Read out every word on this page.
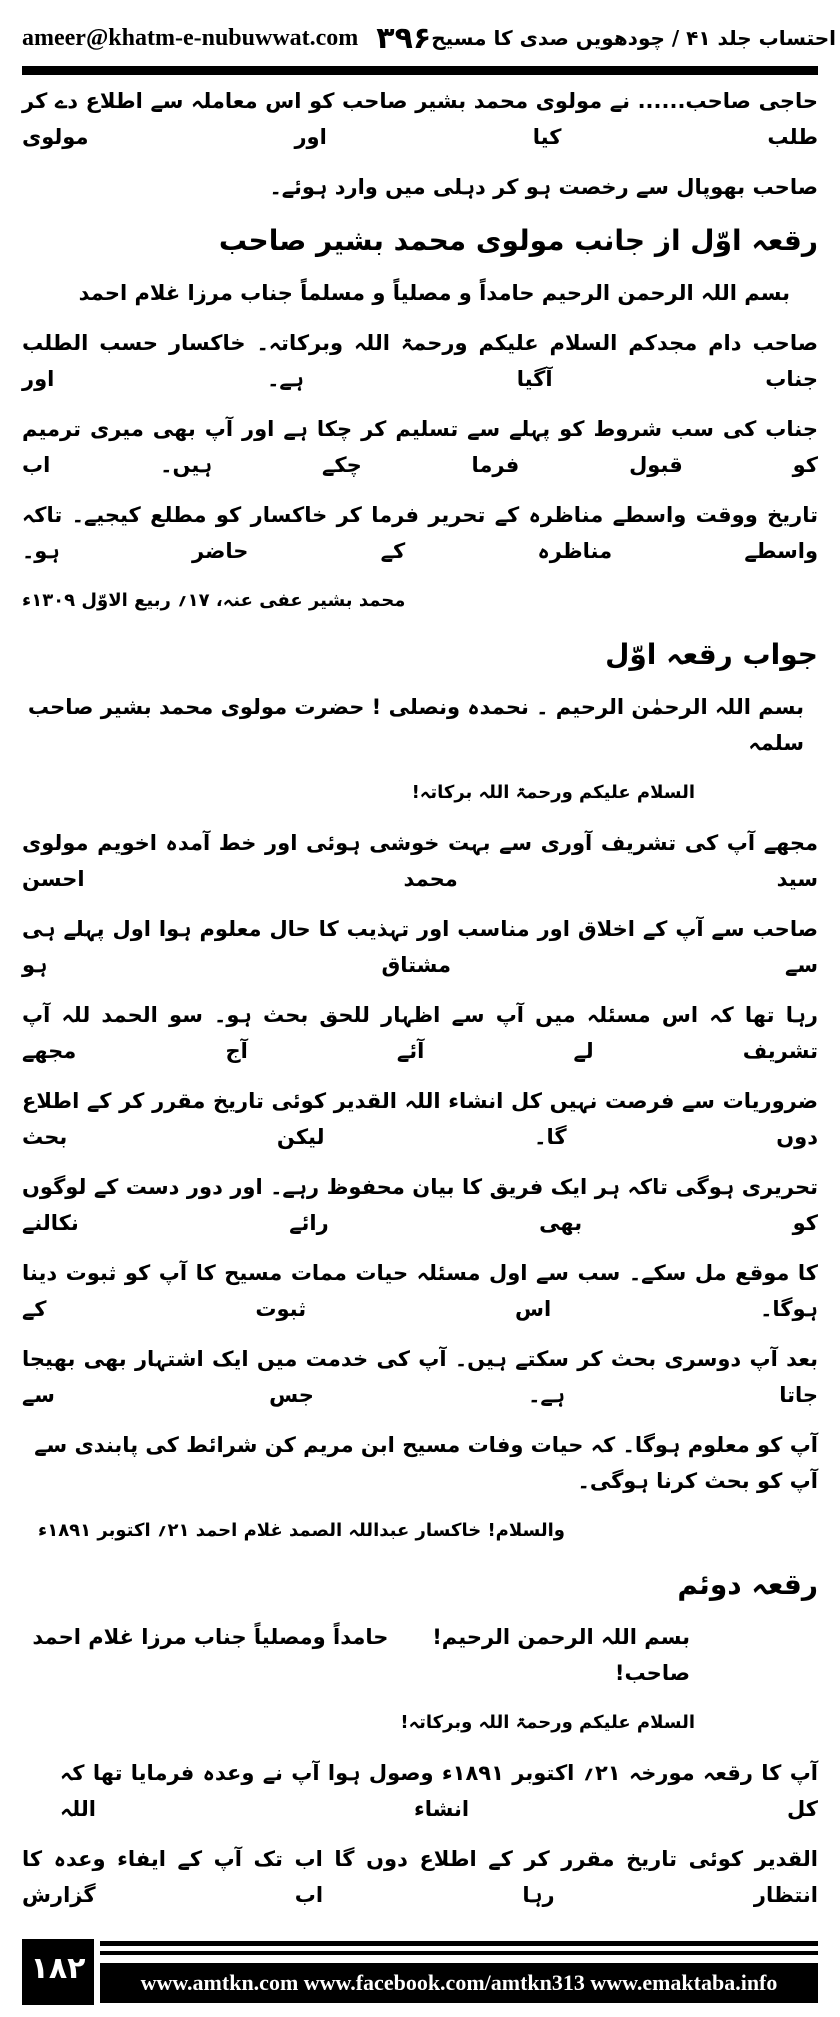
ameer@khatm-e-nubuwwat.com ۳۹۶ احتساب جلد ۴۱ / چودھویں صدی کا مسیح
حاجی صاحب...... نے مولوی محمد بشیر صاحب کو اس معاملہ سے اطلاع دے کر طلب کیا اور مولوی
صاحب بھوپال سے رخصت ہو کر دہلی میں وارد ہوئے۔
رقعہ اوّل از جانب مولوی محمد بشیر صاحب
بسم اللہ الرحمن الرحیم حامداً و مصلیاً و مسلماً جناب مرزا غلام احمد
صاحب دام مجدکم السلام علیکم ورحمۃ اللہ وبرکاتہ۔ خاکسار حسب الطلب جناب آگیا ہے۔ اور
جناب کی سب شروط کو پہلے سے تسلیم کر چکا ہے اور آپ بھی میری ترمیم کو قبول فرما چکے ہیں۔ اب
تاریخ ووقت واسطے مناظرہ کے تحریر فرما کر خاکسار کو مطلع کیجیے۔ تاکہ واسطے مناظرہ کے حاضر ہو۔
محمد بشیر عفی عنہ، ۱۷؍ ربیع الاوّل ۱۳۰۹ء
جواب رقعہ اوّل
بسم اللہ الرحمٰن الرحیم ۔ نحمدہ ونصلی ! حضرت مولوی محمد بشیر صاحب سلمہ
السلام علیکم ورحمۃ اللہ برکاتہ!
مجھے آپ کی تشریف آوری سے بہت خوشی ہوئی اور خط آمدہ اخویم مولوی سید محمد احسن
صاحب سے آپ کے اخلاق اور مناسب اور تہذیب کا حال معلوم ہوا اول پہلے ہی سے مشتاق ہو
رہا تھا کہ اس مسئلہ میں آپ سے اظہار للحق بحث ہو۔ سو الحمد للہ آپ تشریف لے آئے آج مجھے
ضروریات سے فرصت نہیں کل انشاء اللہ القدیر کوئی تاریخ مقرر کر کے اطلاع دوں گا۔ لیکن بحث
تحریری ہوگی تاکہ ہر ایک فریق کا بیان محفوظ رہے۔ اور دور دست کے لوگوں کو بھی رائے نکالنے
کا موقع مل سکے۔ سب سے اول مسئلہ حیات ممات مسیح کا آپ کو ثبوت دینا ہوگا۔ اس ثبوت کے
بعد آپ دوسری بحث کر سکتے ہیں۔ آپ کی خدمت میں ایک اشتہار بھی بھیجا جاتا ہے۔ جس سے
آپ کو معلوم ہوگا۔ کہ حیات وفات مسیح ابن مریم کن شرائط کی پابندی سے آپ کو بحث کرنا ہوگی۔
والسلام! خاکسار عبداللہ الصمد غلام احمد ۲۱؍ اکتوبر ۱۸۹۱ء
رقعہ دوئم
بسم اللہ الرحمن الرحیم!      حامداً ومصلیاً جناب مرزا غلام احمد صاحب!
السلام علیکم ورحمۃ اللہ وبرکاتہ!
آپ کا رقعہ مورخہ ۲۱؍ اکتوبر ۱۸۹۱ء وصول ہوا آپ نے وعدہ فرمایا تھا کہ کل انشاء اللہ
القدیر کوئی تاریخ مقرر کر کے اطلاع دوں گا اب تک آپ کے ایفاء وعدہ کا انتظار رہا اب گزارش
۱۸۲	www.amtkn.com www.facebook.com/amtkn313 www.emaktaba.info
